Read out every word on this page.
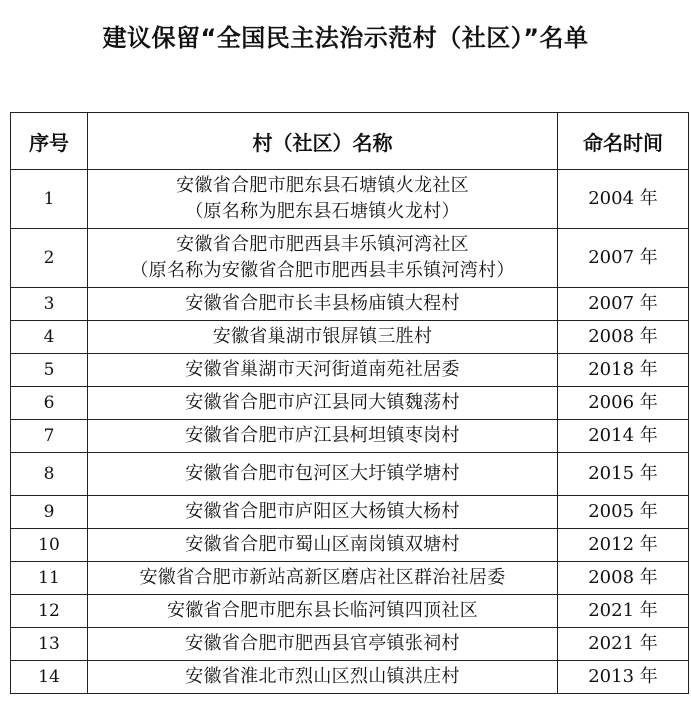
建议保留“全国民主法治示范村（社区）”名单
序号	村（社区）名称	命名时间
1	安徽省合肥市肥东县石塘镇火龙社区
（原名称为肥东县石塘镇火龙村）	2004 年
2	安徽省合肥市肥西县丰乐镇河湾社区
（原名称为安徽省合肥市肥西县丰乐镇河湾村）	2007 年
3	安徽省合肥市长丰县杨庙镇大程村	2007 年
4	安徽省巢湖市银屏镇三胜村	2008 年
5	安徽省巢湖市天河街道南苑社居委	2018 年
6	安徽省合肥市庐江县同大镇魏荡村	2006 年
7	安徽省合肥市庐江县柯坦镇枣岗村	2014 年
8	安徽省合肥市包河区大圩镇学塘村	2015 年
9	安徽省合肥市庐阳区大杨镇大杨村	2005 年
10	安徽省合肥市蜀山区南岗镇双塘村	2012 年
11	安徽省合肥市新站高新区磨店社区群治社居委	2008 年
12	安徽省合肥市肥东县长临河镇四顶社区	2021 年
13	安徽省合肥市肥西县官亭镇张祠村	2021 年
14	安徽省淮北市烈山区烈山镇洪庄村	2013 年
